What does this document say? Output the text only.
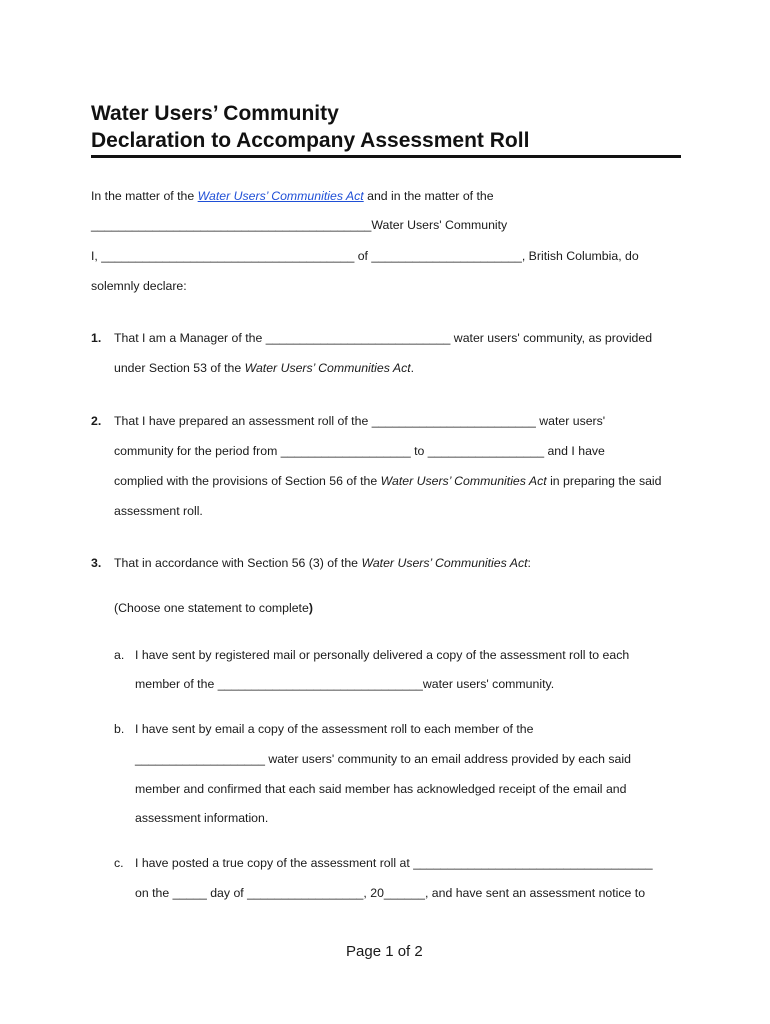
Water Users’ Community
Declaration to Accompany Assessment Roll
In the matter of the Water Users’ Communities Act and in the matter of the
_________________________________________Water Users' Community
I, _____________________________________ of ______________________, British Columbia, do
solemnly declare:
1. That I am a Manager of the ___________________________ water users' community, as provided
under Section 53 of the Water Users’ Communities Act.
2. That I have prepared an assessment roll of the ________________________ water users'
community for the period from ___________________ to _________________ and I have
complied with the provisions of Section 56 of the Water Users’ Communities Act in preparing the said
assessment roll.
3. That in accordance with Section 56 (3) of the Water Users’ Communities Act:
(Choose one statement to complete)
a. I have sent by registered mail or personally delivered a copy of the assessment roll to each
member of the ______________________________water users' community.
b. I have sent by email a copy of the assessment roll to each member of the
___________________ water users' community to an email address provided by each said
member and confirmed that each said member has acknowledged receipt of the email and
assessment information.
c. I have posted a true copy of the assessment roll at ___________________________________
on the _____ day of _________________, 20______, and have sent an assessment notice to
Page 1 of 2
